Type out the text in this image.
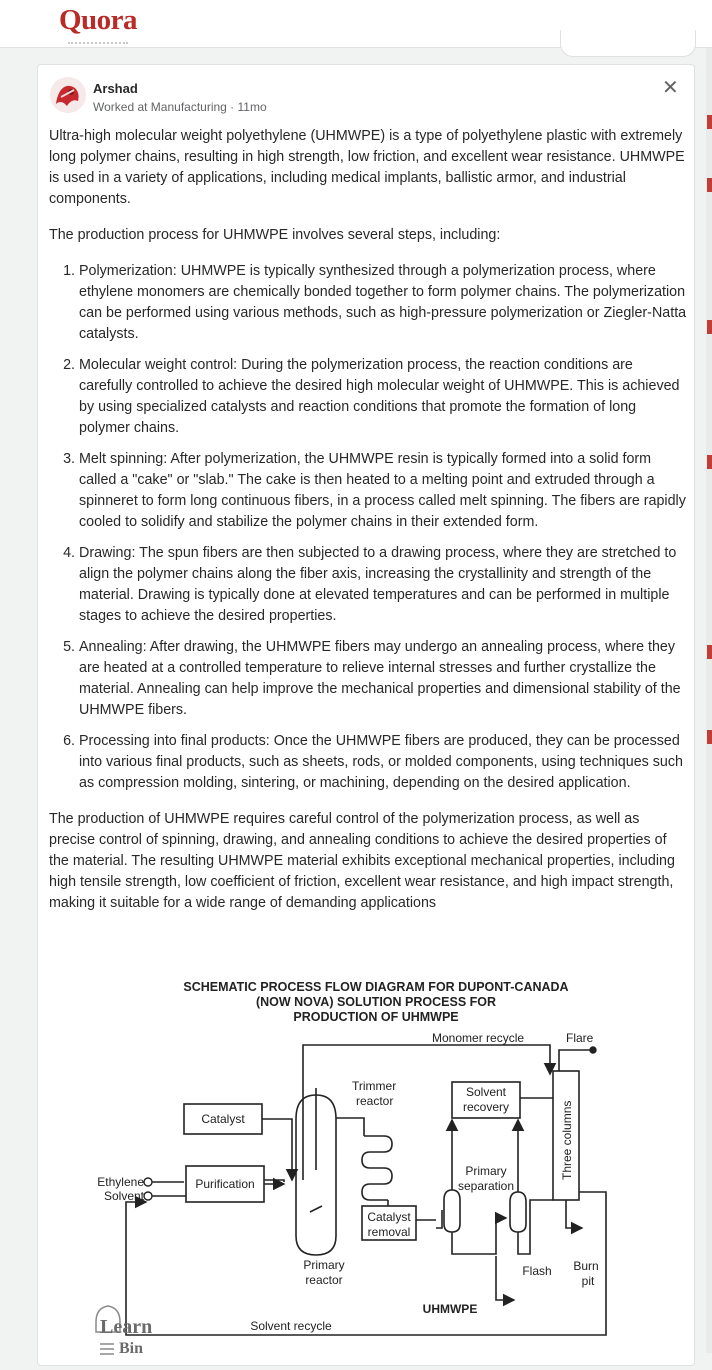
Quora
Arshad
Worked at Manufacturing · 11mo
✕

Ultra-high molecular weight polyethylene (UHMWPE) is a type of polyethylene plastic with extremely long polymer chains, resulting in high strength, low friction, and excellent wear resistance. UHMWPE is used in a variety of applications, including medical implants, ballistic armor, and industrial components.

The production process for UHMWPE involves several steps, including:

1. Polymerization: UHMWPE is typically synthesized through a polymerization process, where ethylene monomers are chemically bonded together to form polymer chains. The polymerization can be performed using various methods, such as high-pressure polymerization or Ziegler-Natta catalysts.
2. Molecular weight control: During the polymerization process, the reaction conditions are carefully controlled to achieve the desired high molecular weight of UHMWPE. This is achieved by using specialized catalysts and reaction conditions that promote the formation of long polymer chains.
3. Melt spinning: After polymerization, the UHMWPE resin is typically formed into a solid form called a "cake" or "slab." The cake is then heated to a melting point and extruded through a spinneret to form long continuous fibers, in a process called melt spinning. The fibers are rapidly cooled to solidify and stabilize the polymer chains in their extended form.
4. Drawing: The spun fibers are then subjected to a drawing process, where they are stretched to align the polymer chains along the fiber axis, increasing the crystallinity and strength of the material. Drawing is typically done at elevated temperatures and can be performed in multiple stages to achieve the desired properties.
5. Annealing: After drawing, the UHMWPE fibers may undergo an annealing process, where they are heated at a controlled temperature to relieve internal stresses and further crystallize the material. Annealing can help improve the mechanical properties and dimensional stability of the UHMWPE fibers.
6. Processing into final products: Once the UHMWPE fibers are produced, they can be processed into various final products, such as sheets, rods, or molded components, using techniques such as compression molding, sintering, or machining, depending on the desired application.

The production of UHMWPE requires careful control of the polymerization process, as well as precise control of spinning, drawing, and annealing conditions to achieve the desired properties of the material. The resulting UHMWPE material exhibits exceptional mechanical properties, including high tensile strength, low coefficient of friction, excellent wear resistance, and high impact strength, making it suitable for a wide range of demanding applications

SCHEMATIC PROCESS FLOW DIAGRAM FOR DUPONT-CANADA
(NOW NOVA) SOLUTION PROCESS FOR
PRODUCTION OF UHMWPE
Monomer recycle	Flare
Trimmer
reactor
Solvent
recovery	Three columns
Catalyst
Ethylene
Solvent
Purification
Primary
separation
Catalyst
removal
Primary
reactor
Flash Burn
pit
UHMWPE
Solvent recycle
Learn
Bin
